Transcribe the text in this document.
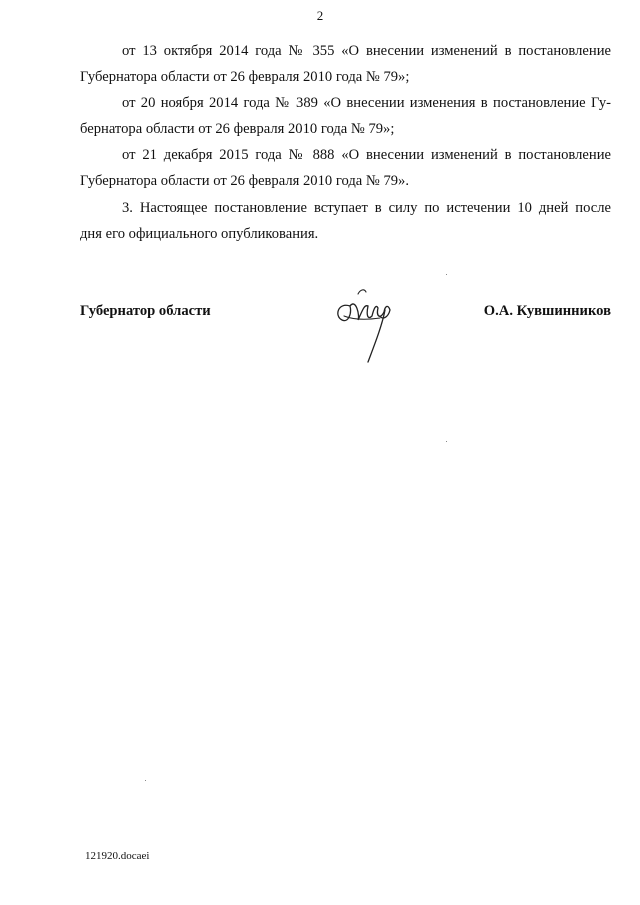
2
от 13 октября 2014 года № 355 «О внесении изменений в постановление
Губернатора области от 26 февраля 2010 года № 79»;
от 20 ноября 2014 года № 389 «О внесении изменения в постановление Гу-
бернатора области от 26 февраля 2010 года № 79»;
от 21 декабря 2015 года № 888 «О внесении изменений в постановление
Губернатора области от 26 февраля 2010 года № 79».
3. Настоящее постановление вступает в силу по истечении 10 дней после
дня его официального опубликования.
Губернатор области	О.А. Кувшинников
121920.docaei
